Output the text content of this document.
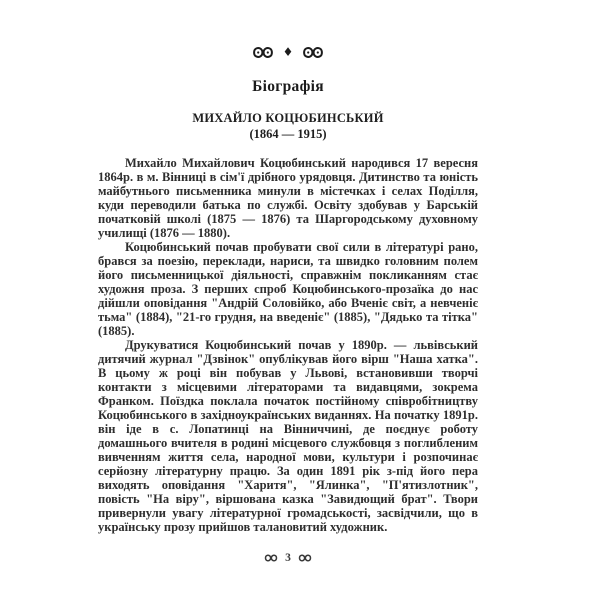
♦
Біографія
МИХАЙЛО КОЦЮБИНСЬКИЙ
(1864 — 1915)

Михайло Михайлович Коцюбинський народився 17 вересня 1864р. в м. Вінниці в сім'ї дрібного урядовця. Дитинство та юність майбутнього письменника минули в містечках і селах Поділля, куди переводили батька по службі. Освіту здобував у Барській початковій школі (1875 — 1876) та Шаргородському духовному училищі (1876 — 1880).

Коцюбинський почав пробувати свої сили в літературі рано, брався за поезію, переклади, нариси, та швидко головним полем його письменницької діяльності, справжнім покликанням стає художня проза. З перших спроб Коцюбинського-прозаїка до нас дійшли оповідання "Андрій Соловійко, або Вченіє світ, а невченіє тьма" (1884), "21-го грудня, на введеніє" (1885), "Дядько та тітка" (1885).

Друкуватися Коцюбинський почав у 1890р. — львівський дитячий журнал "Дзвінок" опублікував його вірш "Наша хатка". В цьому ж році він побував у Львові, встановивши творчі контакти з місцевими літераторами та видавцями, зокрема Франком. Поїздка поклала початок постійному співробітництву Коцюбинського в західноукраїнських виданнях. На початку 1891р. він іде в с. Лопатинці на Вінниччині, де поєднує роботу домашнього вчителя в родині місцевого службовця з поглибленим вивченням життя села, народної мови, культури і розпочинає серйозну літературну працю. За один 1891 рік з-під його пера виходять оповідання "Харитя", "Ялинка", "П'ятизлотник", повість "На віру", віршована казка "Завидющий брат". Твори привернули увагу літературної громадськості, засвідчили, що в українську прозу прийшов талановитий художник.

3
